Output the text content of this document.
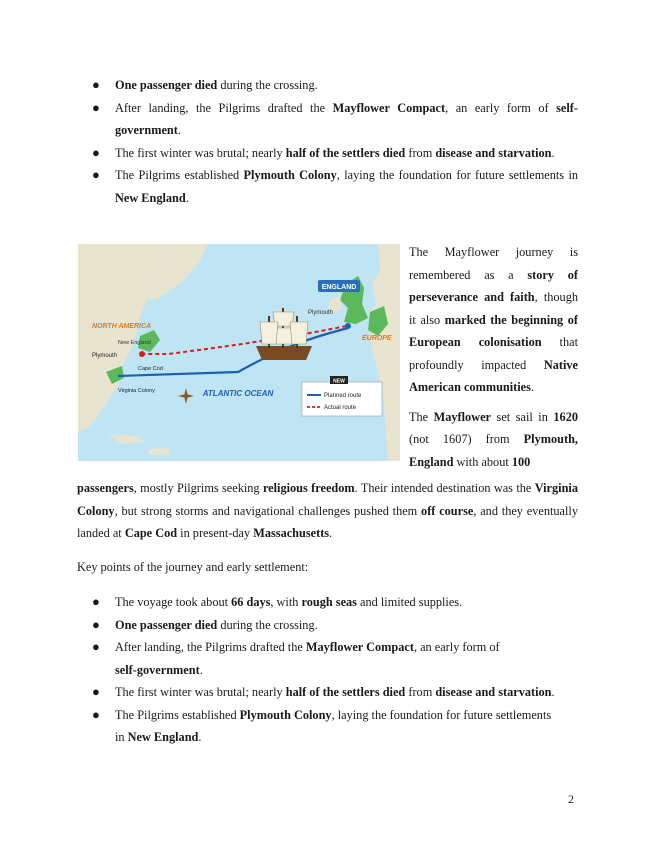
● One passenger died during the crossing.
● After landing, the Pilgrims drafted the Mayflower Compact, an early form of self-government.
● The first winter was brutal; nearly half of the settlers died from disease and starvation.
● The Pilgrims established Plymouth Colony, laying the foundation for future settlements in New England.
ENGLAND
Plymouth
EUROPE
NORTH AMERICA
New England
Plymouth
Cape Cod
Virginia Colony	ATLANTIC OCEAN
NEW
Planned route
Actual route

The Mayflower journey is remembered as a story of perseverance and faith, though it also marked the beginning of European colonisation that profoundly impacted Native American communities.

The Mayflower set sail in 1620 (not 1607) from Plymouth, England with about 100

passengers, mostly Pilgrims seeking religious freedom. Their intended destination was the Virginia Colony, but strong storms and navigational challenges pushed them off course, and they eventually landed at Cape Cod in present-day Massachusetts.

Key points of the journey and early settlement:
● The voyage took about 66 days, with rough seas and limited supplies.
● One passenger died during the crossing.
● After landing, the Pilgrims drafted the Mayflower Compact, an early form of
self-government.
● The first winter was brutal; nearly half of the settlers died from disease and starvation.
● The Pilgrims established Plymouth Colony, laying the foundation for future settlements
in New England.
2
